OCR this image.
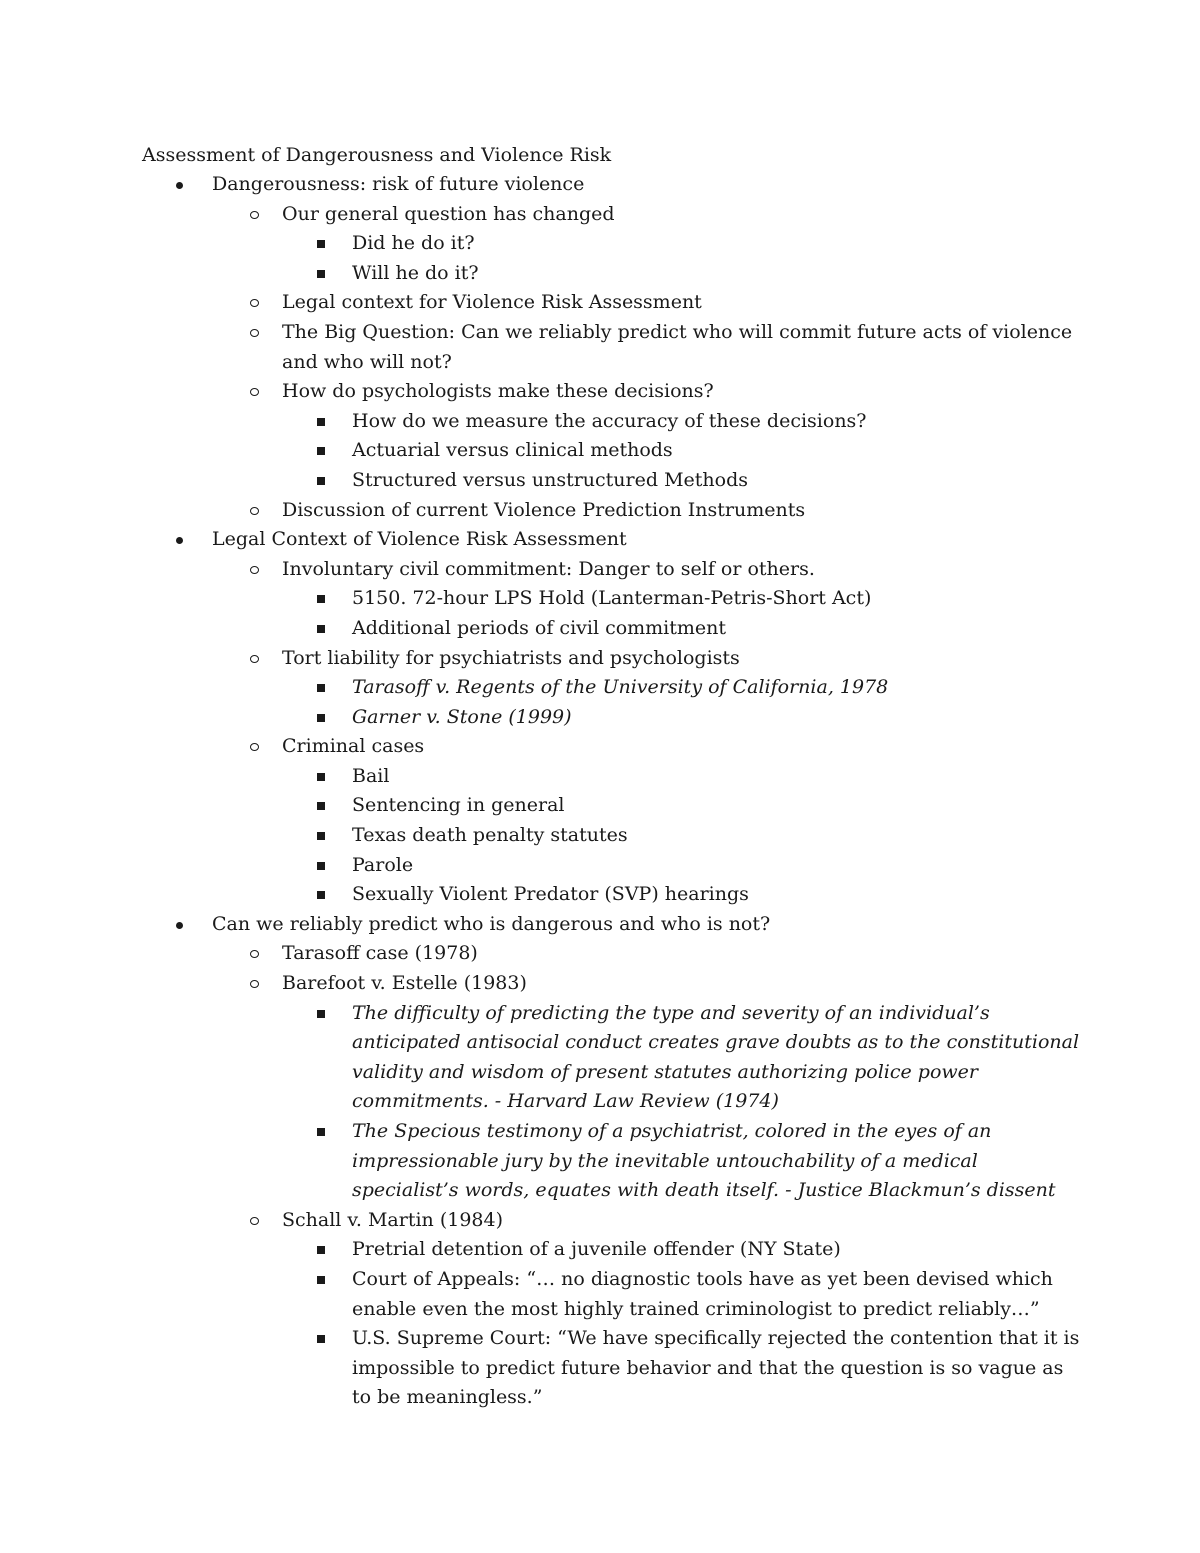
Assessment of Dangerousness and Violence Risk
Dangerousness: risk of future violence
Our general question has changed
Did he do it?
Will he do it?
Legal context for Violence Risk Assessment
The Big Question: Can we reliably predict who will commit future acts of violence and who will not?
How do psychologists make these decisions?
How do we measure the accuracy of these decisions?
Actuarial versus clinical methods
Structured versus unstructured Methods
Discussion of current Violence Prediction Instruments
Legal Context of Violence Risk Assessment
Involuntary civil commitment: Danger to self or others.
5150. 72-hour LPS Hold (Lanterman-Petris-Short Act)
Additional periods of civil commitment
Tort liability for psychiatrists and psychologists
Tarasoff v. Regents of the University of California, 1978
Garner v. Stone (1999)
Criminal cases
Bail
Sentencing in general
Texas death penalty statutes
Parole
Sexually Violent Predator (SVP) hearings
Can we reliably predict who is dangerous and who is not?
Tarasoff case (1978)
Barefoot v. Estelle (1983)
The difficulty of predicting the type and severity of an individual’s anticipated antisocial conduct creates grave doubts as to the constitutional validity and wisdom of present statutes authorizing police power commitments. - Harvard Law Review (1974)
The Specious testimony of a psychiatrist, colored in the eyes of an impressionable jury by the inevitable untouchability of a medical specialist’s words, equates with death itself. - Justice Blackmun’s dissent
Schall v. Martin (1984)
Pretrial detention of a juvenile offender (NY State)
Court of Appeals: “… no diagnostic tools have as yet been devised which enable even the most highly trained criminologist to predict reliably…”
U.S. Supreme Court: “We have specifically rejected the contention that it is impossible to predict future behavior and that the question is so vague as to be meaningless.”
